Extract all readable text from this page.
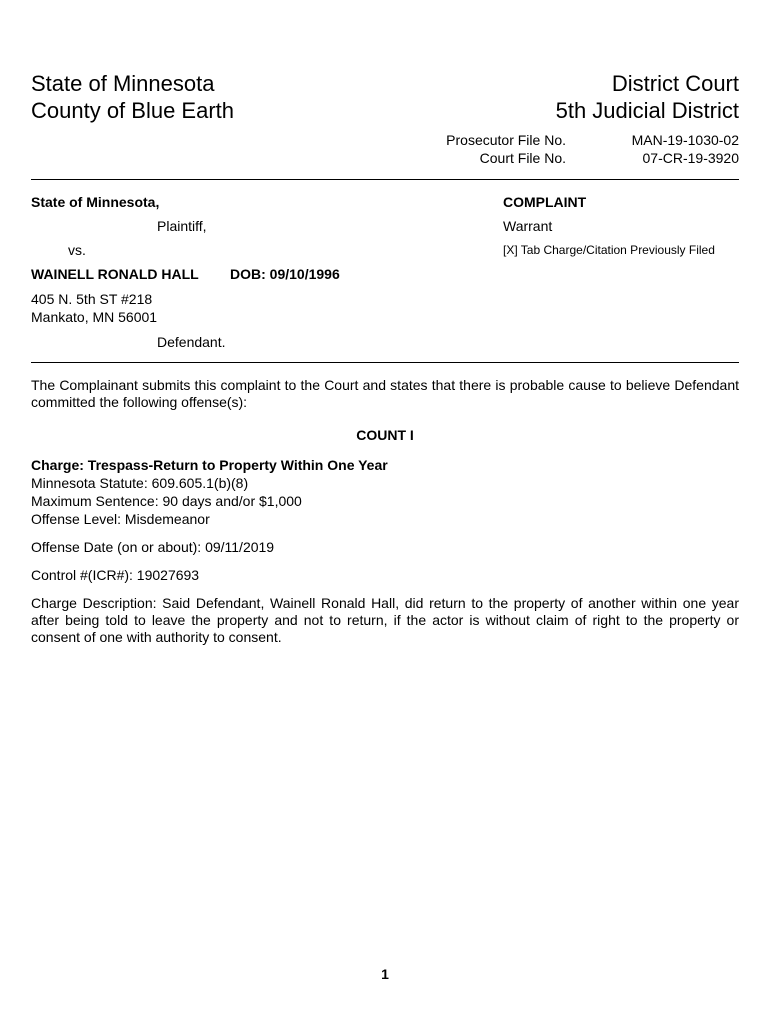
State of Minnesota
County of Blue Earth
District Court
5th Judicial District
Prosecutor File No.
Court File No.
MAN-19-1030-02
07-CR-19-3920
State of Minnesota,
Plaintiff,
vs.
WAINELL RONALD HALL DOB: 09/10/1996
405 N. 5th ST #218
Mankato, MN 56001
Defendant.
COMPLAINT
Warrant
[X] Tab Charge/Citation Previously Filed
The Complainant submits this complaint to the Court and states that there is probable cause to believe Defendant committed the following offense(s):
COUNT I
Charge: Trespass-Return to Property Within One Year
Minnesota Statute: 609.605.1(b)(8)
Maximum Sentence: 90 days and/or $1,000
Offense Level: Misdemeanor
Offense Date (on or about): 09/11/2019
Control #(ICR#): 19027693
Charge Description: Said Defendant, Wainell Ronald Hall, did return to the property of another within one year after being told to leave the property and not to return, if the actor is without claim of right to the property or consent of one with authority to consent.
1
